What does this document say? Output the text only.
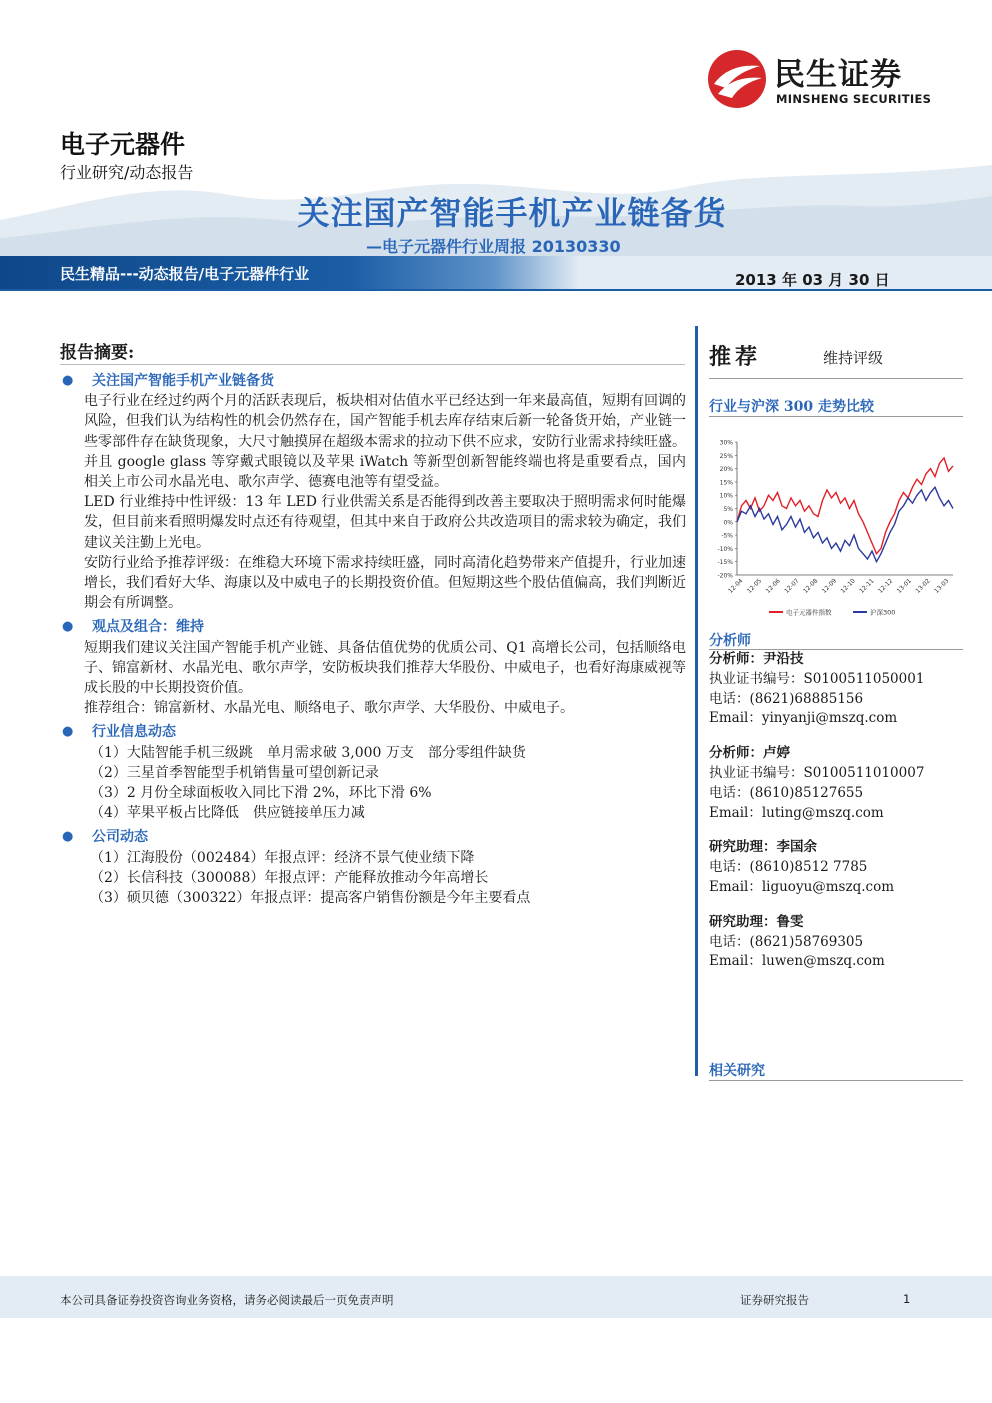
民生证券
MINSHENG SECURITIES
电子元器件
行业研究/动态报告
关注国产智能手机产业链备货
—电子元器件行业周报 20130330
民生精品---动态报告/电子元器件行业	2013 年 03 月 30 日
报告摘要:
● 关注国产智能手机产业链备货
电子行业在经过约两个月的活跃表现后，板块相对估值水平已经达到一年来最高值，短期有回调的风险，但我们认为结构性的机会仍然存在，国产智能手机去库存结束后新一轮备货开始，产业链一些零部件存在缺货现象，大尺寸触摸屏在超级本需求的拉动下供不应求，安防行业需求持续旺盛。并且 google glass 等穿戴式眼镜以及苹果 iWatch 等新型创新智能终端也将是重要看点，国内相关上市公司水晶光电、歌尔声学、德赛电池等有望受益。
LED 行业维持中性评级：13 年 LED 行业供需关系是否能得到改善主要取决于照明需求何时能爆发，但目前来看照明爆发时点还有待观望，但其中来自于政府公共改造项目的需求较为确定，我们建议关注勤上光电。
安防行业给予推荐评级：在维稳大环境下需求持续旺盛，同时高清化趋势带来产值提升，行业加速增长，我们看好大华、海康以及中威电子的长期投资价值。但短期这些个股估值偏高，我们判断近期会有所调整。
● 观点及组合：维持
短期我们建议关注国产智能手机产业链、具备估值优势的优质公司、Q1 高增长公司，包括顺络电子、锦富新材、水晶光电、歌尔声学，安防板块我们推荐大华股份、中威电子，也看好海康威视等成长股的中长期投资价值。
推荐组合：锦富新材、水晶光电、顺络电子、歌尔声学、大华股份、中威电子。
● 行业信息动态
（1）大陆智能手机三级跳　单月需求破 3,000 万支　部分零组件缺货
（2）三星首季智能型手机销售量可望创新记录
（3）2 月份全球面板收入同比下滑 2%，环比下滑 6%
（4）苹果平板占比降低　供应链接单压力减
● 公司动态
（1）江海股份（002484）年报点评：经济不景气使业绩下降
（2）长信科技（300088）年报点评：产能释放推动今年高增长
（3）硕贝德（300322）年报点评：提高客户销售份额是今年主要看点
推荐	维持评级
行业与沪深 300 走势比较
30%
25%
20%
15%
10%
5%
0%
-5%
-10%
-15%
-20%
12-04 12-05 12-06 12-07 12-08 12-09 12-10 12-11 12-12 13-01 13-02 13-03
电子元器件指数	沪深300
分析师
分析师：尹沿技
执业证书编号：S0100511050001
电话：(8621)68885156
Email：yinyanji@mszq.com
分析师：卢婷
执业证书编号：S0100511010007
电话：(8610)85127655
Email：luting@mszq.com
研究助理：李国余
电话：(8610)8512 7785
Email：liguoyu@mszq.com
研究助理：鲁雯
电话：(8621)58769305
Email：luwen@mszq.com
相关研究
本公司具备证券投资咨询业务资格，请务必阅读最后一页免责声明	证券研究报告	1
